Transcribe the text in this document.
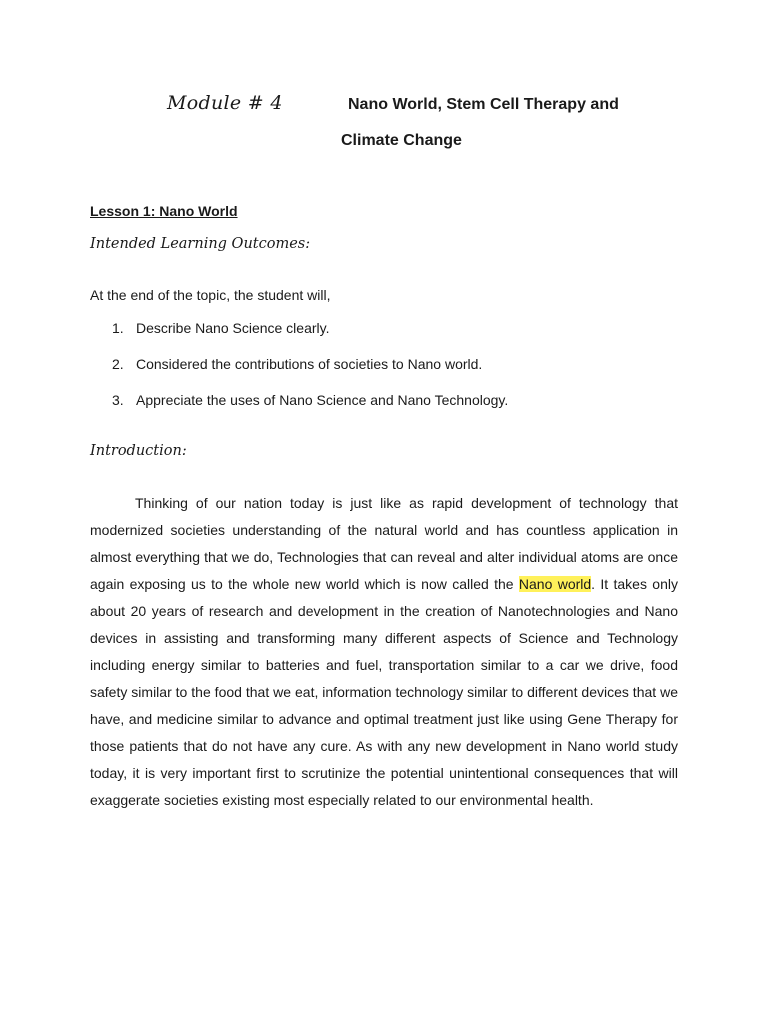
Module # 4	Nano World, Stem Cell Therapy and
Climate Change
Lesson 1: Nano World
Intended Learning Outcomes:
At the end of the topic, the student will,
1. Describe Nano Science clearly.
2. Considered the contributions of societies to Nano world.
3. Appreciate the uses of Nano Science and Nano Technology.
Introduction:

Thinking of our nation today is just like as rapid development of technology that modernized societies understanding of the natural world and has countless application in almost everything that we do, Technologies that can reveal and alter individual atoms are once again exposing us to the whole new world which is now called the Nano world. It takes only about 20 years of research and development in the creation of Nanotechnologies and Nano devices in assisting and transforming many different aspects of Science and Technology including energy similar to batteries and fuel, transportation similar to a car we drive, food safety similar to the food that we eat, information technology similar to different devices that we have, and medicine similar to advance and optimal treatment just like using Gene Therapy for those patients that do not have any cure. As with any new development in Nano world study today, it is very important first to scrutinize the potential unintentional consequences that will exaggerate societies existing most especially related to our environmental health.
